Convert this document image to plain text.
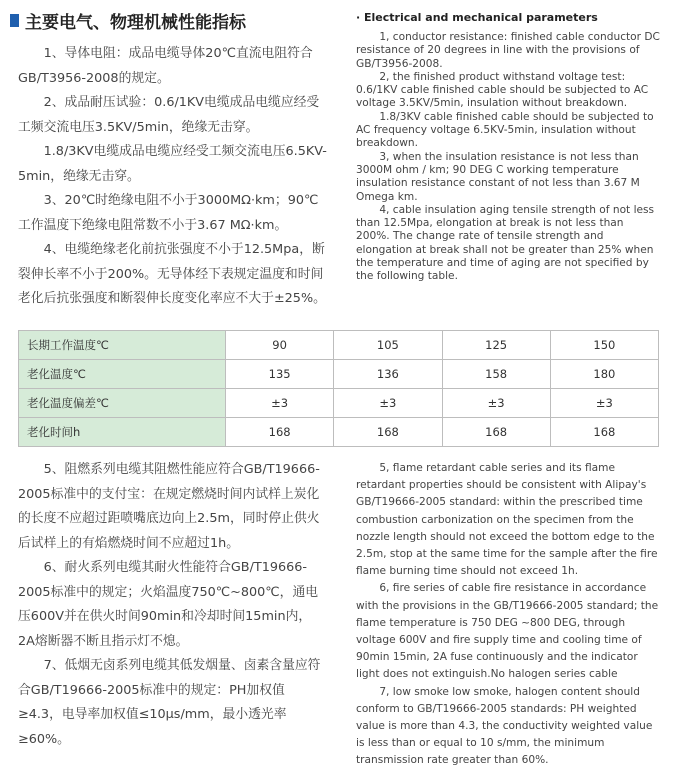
主要电气、物理机械性能指标	· Electrical and mechanical parameters

1、导体电阻：成品电缆导体20℃直流电阻符合GB/T3956-2008的规定。

2、成品耐压试验：0.6/1KV电缆成品电缆应经受工频交流电压3.5KV/5min，绝缘无击穿。

1.8/3KV电缆成品电缆应经受工频交流电压6.5KV-5min，绝缘无击穿。

3、20℃时绝缘电阻不小于3000MΩ·km；90℃工作温度下绝缘电阻常数不小于3.67 MΩ·km。

4、电缆绝缘老化前抗张强度不小于12.5Mpa，断裂伸长率不小于200%。无导体经下表规定温度和时间老化后抗张强度和断裂伸长度变化率应不大于±25%。

1, conductor resistance: finished cable conductor DC resistance of 20 degrees in line with the provisions of GB/T3956-2008.

2, the finished product withstand voltage test: 0.6/1KV cable finished cable should be subjected to AC voltage 3.5KV/5min, insulation without breakdown.

1.8/3KV cable finished cable should be subjected to AC frequency voltage 6.5KV-5min, insulation without breakdown.

3, when the insulation resistance is not less than 3000M ohm / km; 90 DEG C working temperature insulation resistance constant of not less than 3.67 M Omega km.

4, cable insulation aging tensile strength of not less than 12.5Mpa, elongation at break is not less than 200%. The change rate of tensile strength and elongation at break shall not be greater than 25% when the temperature and time of aging are not specified by the following table.

长期工作温度℃	90	105	125	150
老化温度℃	135	136	158	180
老化温度偏差℃	±3	±3	±3	±3
老化时间h	168	168	168	168

5、阻燃系列电缆其阻燃性能应符合GB/T19666-2005标准中的支付宝：在规定燃烧时间内试样上炭化的长度不应超过距喷嘴底边向上2.5m，同时停止供火后试样上的有焰燃烧时间不应超过1h。

6、耐火系列电缆其耐火性能符合GB/T19666-2005标准中的规定；火焰温度750℃~800℃，通电压600V并在供火时间90min和冷却时间15min内，2A熔断器不断且指示灯不熄。

7、低烟无卤系列电缆其低发烟量、卤素含量应符合GB/T19666-2005标准中的规定：PH加权值≥4.3，电导率加权值≤10μs/mm，最小透光率≥60%。

5, flame retardant cable series and its flame retardant properties should be consistent with Alipay's GB/T19666-2005 standard: within the prescribed time combustion carbonization on the specimen from the nozzle length should not exceed the bottom edge to the 2.5m, stop at the same time for the sample after the fire flame burning time should not exceed 1h.

6, fire series of cable fire resistance in accordance with the provisions in the GB/T19666-2005 standard; the flame temperature is 750 DEG ~800 DEG, through voltage 600V and fire supply time and cooling time of 90min 15min, 2A fuse continuously and the indicator light does not extinguish.No halogen series cable

7, low smoke low smoke, halogen content should conform to GB/T19666-2005 standards: PH weighted value is more than 4.3, the conductivity weighted value is less than or equal to 10 s/mm, the minimum transmission rate greater than 60%.
